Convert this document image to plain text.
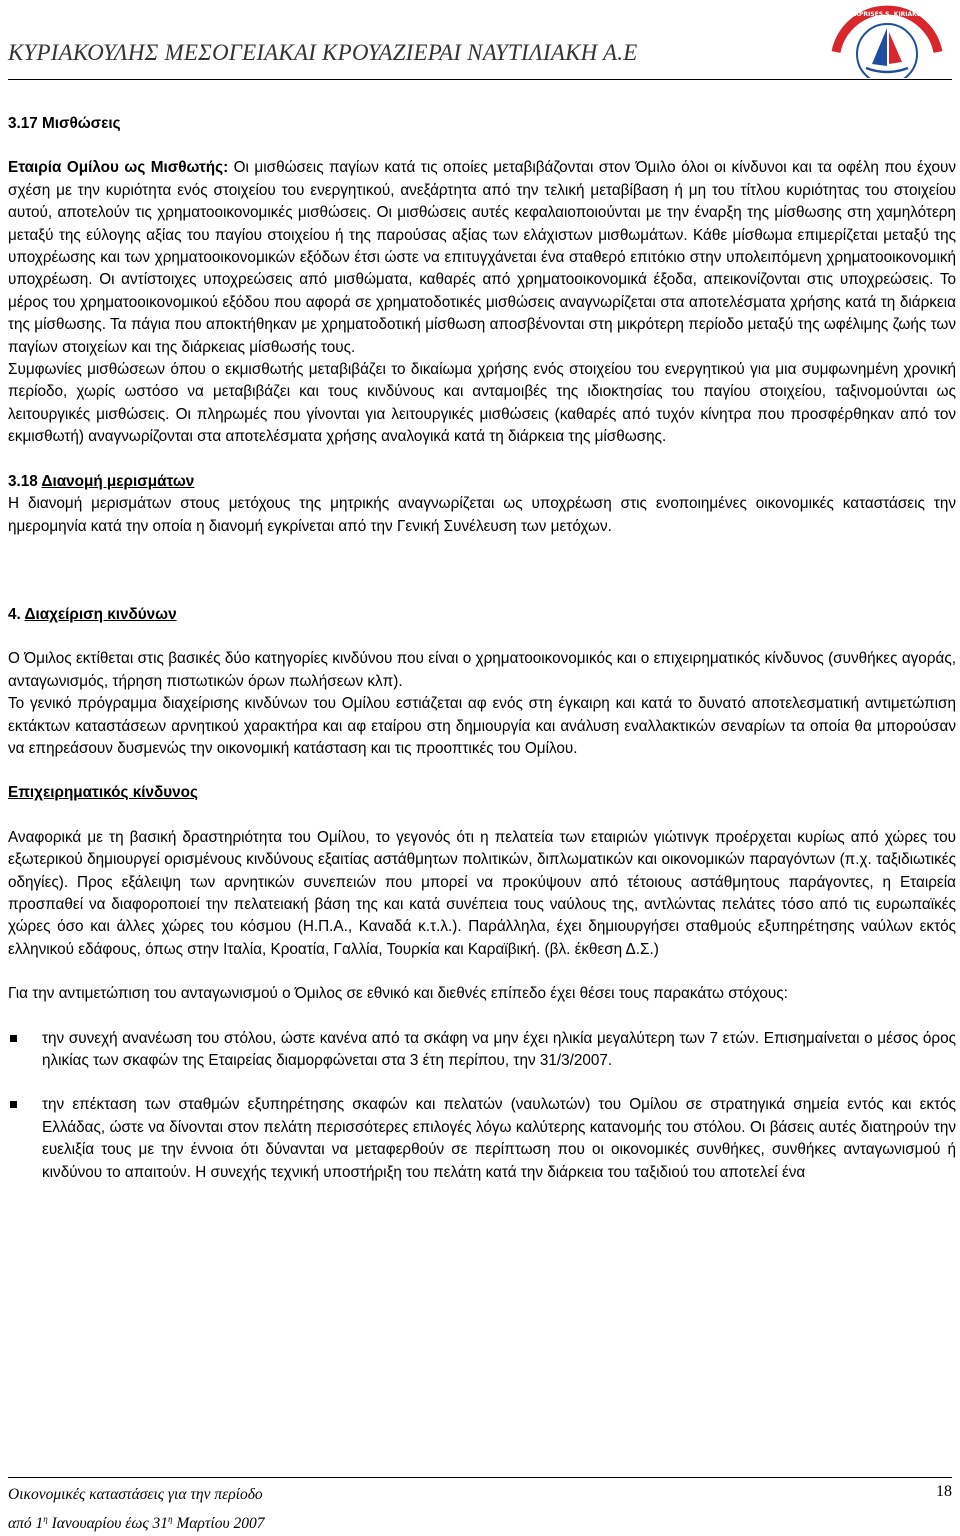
ΚΥΡΙΑΚΟΥΛΗΣ ΜΕΣΟΓΕΙΑΚΑΙ ΚΡΟΥΑΖΙΕΡΑΙ ΝΑΥΤΙΛΙΑΚΗ Α.Ε
ENTERPRISES S. KIRIAKOULIS

3.17 Μισθώσεις

Εταιρία Ομίλου ως Μισθωτής: Οι μισθώσεις παγίων κατά τις οποίες μεταβιβάζονται στον Όμιλο όλοι οι κίνδυνοι και τα οφέλη που έχουν σχέση με την κυριότητα ενός στοιχείου του ενεργητικού, ανεξάρτητα από την τελική μεταβίβαση ή μη του τίτλου κυριότητας του στοιχείου αυτού, αποτελούν τις χρηματοοικονομικές μισθώσεις. Οι μισθώσεις αυτές κεφαλαιοποιούνται με την έναρξη της μίσθωσης στη χαμηλότερη μεταξύ της εύλογης αξίας του παγίου στοιχείου ή της παρούσας αξίας των ελάχιστων μισθωμάτων. Κάθε μίσθωμα επιμερίζεται μεταξύ της υποχρέωσης και των χρηματοοικονομικών εξόδων έτσι ώστε να επιτυγχάνεται ένα σταθερό επιτόκιο στην υπολειπόμενη χρηματοοικονομική υποχρέωση. Οι αντίστοιχες υποχρεώσεις από μισθώματα, καθαρές από χρηματοοικονομικά έξοδα, απεικονίζονται στις υποχρεώσεις. Το μέρος του χρηματοοικονομικού εξόδου που αφορά σε χρηματοδοτικές μισθώσεις αναγνωρίζεται στα αποτελέσματα χρήσης κατά τη διάρκεια της μίσθωσης. Τα πάγια που αποκτήθηκαν με χρηματοδοτική μίσθωση αποσβένονται στη μικρότερη περίοδο μεταξύ της ωφέλιμης ζωής των παγίων στοιχείων και της διάρκειας μίσθωσής τους.

Συμφωνίες μισθώσεων όπου ο εκμισθωτής μεταβιβάζει το δικαίωμα χρήσης ενός στοιχείου του ενεργητικού για μια συμφωνημένη χρονική περίοδο, χωρίς ωστόσο να μεταβιβάζει και τους κινδύνους και ανταμοιβές της ιδιοκτησίας του παγίου στοιχείου, ταξινομούνται ως λειτουργικές μισθώσεις. Οι πληρωμές που γίνονται για λειτουργικές μισθώσεις (καθαρές από τυχόν κίνητρα που προσφέρθηκαν από τον εκμισθωτή) αναγνωρίζονται στα αποτελέσματα χρήσης αναλογικά κατά τη διάρκεια της μίσθωσης.

3.18 Διανομή μερισμάτων

Η διανομή μερισμάτων στους μετόχους της μητρικής αναγνωρίζεται ως υποχρέωση στις ενοποιημένες οικονομικές καταστάσεις την ημερομηνία κατά την οποία η διανομή εγκρίνεται από την Γενική Συνέλευση των μετόχων.

4. Διαχείριση κινδύνων

Ο Όμιλος εκτίθεται στις βασικές δύο κατηγορίες κινδύνου που είναι ο χρηματοοικονομικός και ο επιχειρηματικός κίνδυνος (συνθήκες αγοράς, ανταγωνισμός, τήρηση πιστωτικών όρων πωλήσεων κλπ).

Το γενικό πρόγραμμα διαχείρισης κινδύνων του Ομίλου εστιάζεται αφ ενός στη έγκαιρη και κατά το δυνατό αποτελεσματική αντιμετώπιση εκτάκτων καταστάσεων αρνητικού χαρακτήρα και αφ εταίρου στη δημιουργία και ανάλυση εναλλακτικών σεναρίων τα οποία θα μπορούσαν να επηρεάσουν δυσμενώς την οικονομική κατάσταση και τις προοπτικές του Ομίλου.

Επιχειρηματικός κίνδυνος

Αναφορικά με τη βασική δραστηριότητα του Ομίλου, το γεγονός ότι η πελατεία των εταιριών γιώτινγκ προέρχεται κυρίως από χώρες του εξωτερικού δημιουργεί ορισμένους κινδύνους εξαιτίας αστάθμητων πολιτικών, διπλωματικών και οικονομικών παραγόντων (π.χ. ταξιδιωτικές οδηγίες). Προς εξάλειψη των αρνητικών συνεπειών που μπορεί να προκύψουν από τέτοιους αστάθμητους παράγοντες, η Εταιρεία προσπαθεί να διαφοροποιεί την πελατειακή βάση της και κατά συνέπεια τους ναύλους της, αντλώντας πελάτες τόσο από τις ευρωπαϊκές χώρες όσο και άλλες χώρες του κόσμου (Η.Π.Α., Καναδά κ.τ.λ.). Παράλληλα, έχει δημιουργήσει σταθμούς εξυπηρέτησης ναύλων εκτός ελληνικού εδάφους, όπως στην Ιταλία, Κροατία, Γαλλία, Τουρκία και Καραϊβική. (βλ. έκθεση Δ.Σ.)

Για την αντιμετώπιση του ανταγωνισμού ο Όμιλος σε εθνικό και διεθνές επίπεδο έχει θέσει τους παρακάτω στόχους:

την συνεχή ανανέωση του στόλου, ώστε κανένα από τα σκάφη να μην έχει ηλικία μεγαλύτερη των 7 ετών. Επισημαίνεται ο μέσος όρος ηλικίας των σκαφών της Εταιρείας διαμορφώνεται στα 3 έτη περίπου, την 31/3/2007.
την επέκταση των σταθμών εξυπηρέτησης σκαφών και πελατών (ναυλωτών) του Ομίλου σε στρατηγικά σημεία εντός και εκτός Ελλάδας, ώστε να δίνονται στον πελάτη περισσότερες επιλογές λόγω καλύτερης κατανομής του στόλου. Οι βάσεις αυτές διατηρούν την ευελιξία τους με την έννοια ότι δύνανται να μεταφερθούν σε περίπτωση που οι οικονομικές συνθήκες, συνθήκες ανταγωνισμού ή κινδύνου το απαιτούν. Η συνεχής τεχνική υποστήριξη του πελάτη κατά την διάρκεια του ταξιδιού του αποτελεί ένα
Οικονομικές καταστάσεις για την περίοδο
από $1^\eta$ Ιανουαρίου έως $31^\eta$ Μαρτίου 2007
18
